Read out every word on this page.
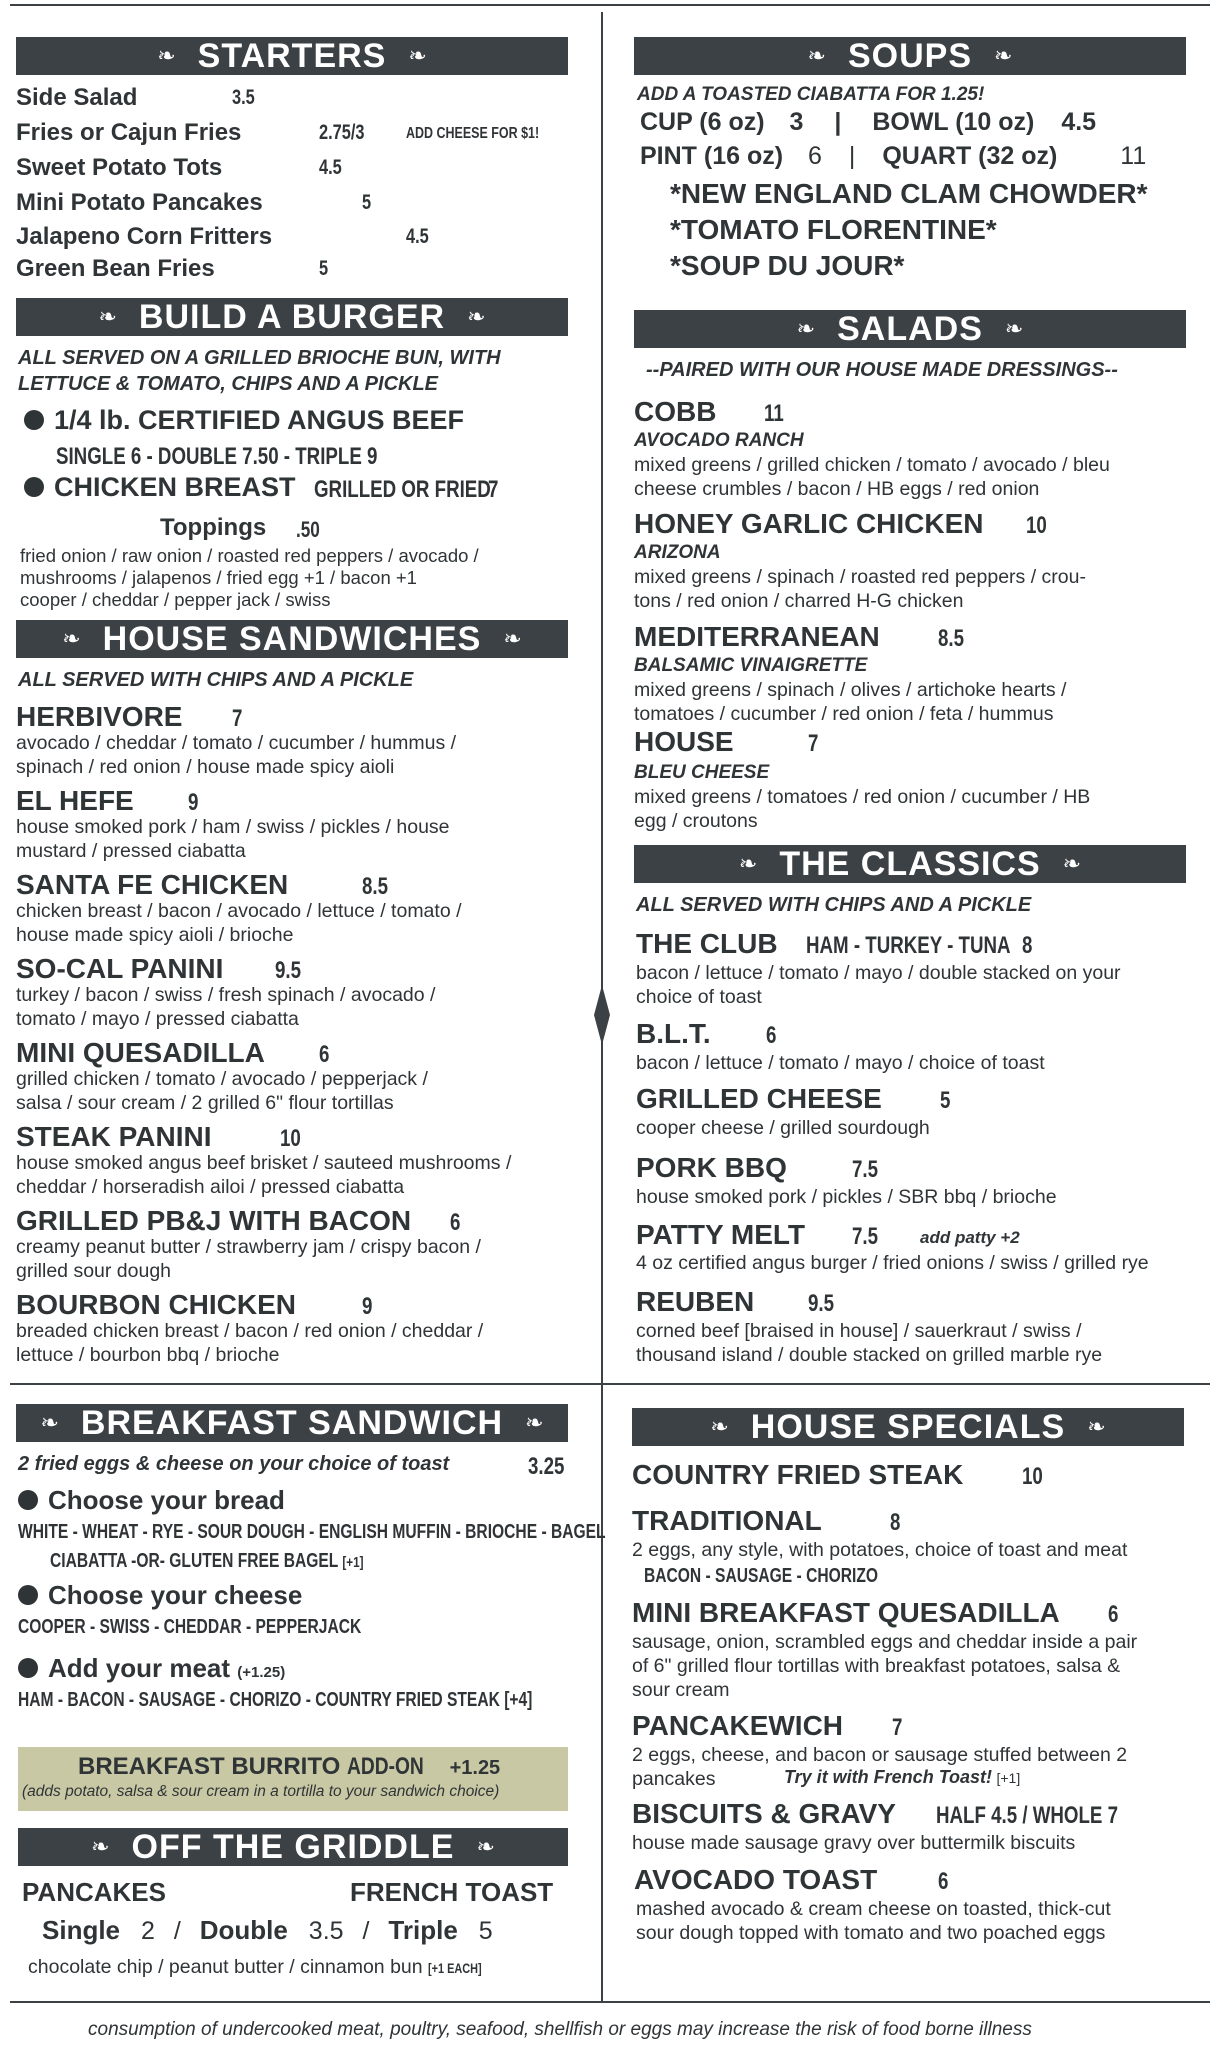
❧ STARTERS ❧
Side Salad	3.5
Fries or Cajun Fries	2.75/3	ADD CHEESE FOR $1!
Sweet Potato Tots	4.5
Mini Potato Pancakes	5
Jalapeno Corn Fritters	4.5
Green Bean Fries	5
❧ BUILD A BURGER ❧
ALL SERVED ON A GRILLED BRIOCHE BUN, WITH
LETTUCE & TOMATO, CHIPS AND A PICKLE
1/4 lb. CERTIFIED ANGUS BEEF
SINGLE 6 - DOUBLE 7.50 - TRIPLE 9
CHICKEN BREAST GRILLED OR FRIED
7
Toppings .50
fried onion / raw onion / roasted red peppers / avocado /
mushrooms / jalapenos / fried egg +1 / bacon +1
cooper / cheddar / pepper jack / swiss
❧ HOUSE SANDWICHES ❧
ALL SERVED WITH CHIPS AND A PICKLE
HERBIVORE 7
avocado / cheddar / tomato / cucumber / hummus /
spinach / red onion / house made spicy aioli
EL HEFE 9
house smoked pork / ham / swiss / pickles / house
mustard / pressed ciabatta
SANTA FE CHICKEN	8.5
chicken breast / bacon / avocado / lettuce / tomato /
house made spicy aioli / brioche
SO-CAL PANINI 9.5
turkey / bacon / swiss / fresh spinach / avocado /
tomato / mayo / pressed ciabatta
MINI QUESADILLA 6
grilled chicken / tomato / avocado / pepperjack /
salsa / sour cream / 2 grilled 6" flour tortillas
STEAK PANINI	10
house smoked angus beef brisket / sauteed mushrooms /
cheddar / horseradish ailoi / pressed ciabatta
GRILLED PB&J WITH BACON 6
creamy peanut butter / strawberry jam / crispy bacon /
grilled sour dough
BOURBON CHICKEN	9
breaded chicken breast / bacon / red onion / cheddar /
lettuce / bourbon bbq / brioche
❧ BREAKFAST SANDWICH ❧
2 fried eggs & cheese on your choice of toast	3.25
Choose your bread
WHITE - WHEAT - RYE - SOUR DOUGH - ENGLISH MUFFIN - BRIOCHE - BAGEL
CIABATTA -OR- GLUTEN FREE BAGEL [+1]
Choose your cheese
COOPER - SWISS - CHEDDAR - PEPPERJACK
Add your meat (+1.25)
HAM - BACON - SAUSAGE - CHORIZO - COUNTRY FRIED STEAK [+4]
BREAKFAST BURRITO ADD-ON +1.25
(adds potato, salsa & sour cream in a tortilla to your sandwich choice)
❧ OFF THE GRIDDLE ❧
PANCAKES	FRENCH TOAST
Single 2 / Double 3.5 / Triple 5
chocolate chip / peanut butter / cinnamon bun [+1 EACH]
❧ SOUPS ❧
ADD A TOASTED CIABATTA FOR 1.25!
CUP (6 oz) 3 | BOWL (10 oz) 4.5
PINT (16 oz) 6 | QUART (32 oz)	11
*NEW ENGLAND CLAM CHOWDER*
*TOMATO FLORENTINE*
*SOUP DU JOUR*
❧ SALADS ❧
--PAIRED WITH OUR HOUSE MADE DRESSINGS--
COBB 11
AVOCADO RANCH
mixed greens / grilled chicken / tomato / avocado / bleu
cheese crumbles / bacon / HB eggs / red onion
HONEY GARLIC CHICKEN 10
ARIZONA
mixed greens / spinach / roasted red peppers / crou-
tons / red onion / charred H-G chicken
MEDITERRANEAN 8.5
BALSAMIC VINAIGRETTE
mixed greens / spinach / olives / artichoke hearts /
tomatoes / cucumber / red onion / feta / hummus
HOUSE	7
BLEU CHEESE
mixed greens / tomatoes / red onion / cucumber / HB
egg / croutons
❧ THE CLASSICS ❧
ALL SERVED WITH CHIPS AND A PICKLE
THE CLUB HAM - TURKEY - TUNA 8
bacon / lettuce / tomato / mayo / double stacked on your
choice of toast
B.L.T. 6
bacon / lettuce / tomato / mayo / choice of toast
GRILLED CHEESE 5
cooper cheese / grilled sourdough
PORK BBQ	7.5
house smoked pork / pickles / SBR bbq / brioche
PATTY MELT 7.5 add patty +2
4 oz certified angus burger / fried onions / swiss / grilled rye
REUBEN 9.5
corned beef [braised in house] / sauerkraut / swiss /
thousand island / double stacked on grilled marble rye
❧ HOUSE SPECIALS ❧
COUNTRY FRIED STEAK 10
TRADITIONAL	8
2 eggs, any style, with potatoes, choice of toast and meat
BACON - SAUSAGE - CHORIZO
MINI BREAKFAST QUESADILLA 6
sausage, onion, scrambled eggs and cheddar inside a pair
of 6" grilled flour tortillas with breakfast potatoes, salsa &
sour cream
PANCAKEWICH 7
2 eggs, cheese, and bacon or sausage stuffed between 2
pancakes	Try it with French Toast! [+1]
BISCUITS & GRAVY HALF 4.5 / WHOLE 7
house made sausage gravy over buttermilk biscuits
AVOCADO TOAST	6
mashed avocado & cream cheese on toasted, thick-cut
sour dough topped with tomato and two poached eggs
consumption of undercooked meat, poultry, seafood, shellfish or eggs may increase the risk of food borne illness
